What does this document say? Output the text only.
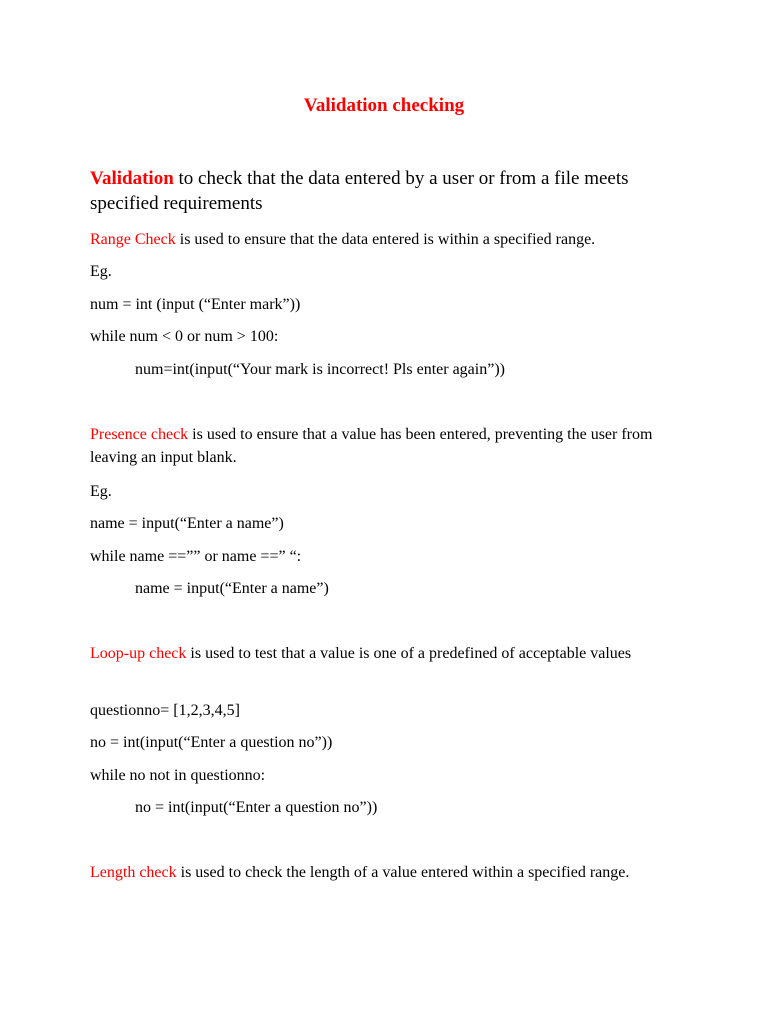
Validation checking
Validation to check that the data entered by a user or from a file meets specified requirements
Range Check is used to ensure that the data entered is within a specified range.
Eg.
num = int (input (“Enter mark”))
while num < 0 or num > 100:
num=int(input(“Your mark is incorrect! Pls enter again”))
Presence check is used to ensure that a value has been entered, preventing the user from leaving an input blank.
Eg.
name = input(“Enter a name”)
while name ==”” or name ==” “:
name = input(“Enter a name”)
Loop-up check is used to test that a value is one of a predefined of acceptable values
questionno= [1,2,3,4,5]
no = int(input(“Enter a question no”))
while no not in questionno:
no = int(input(“Enter a question no”))
Length check is used to check the length of a value entered within a specified range.
